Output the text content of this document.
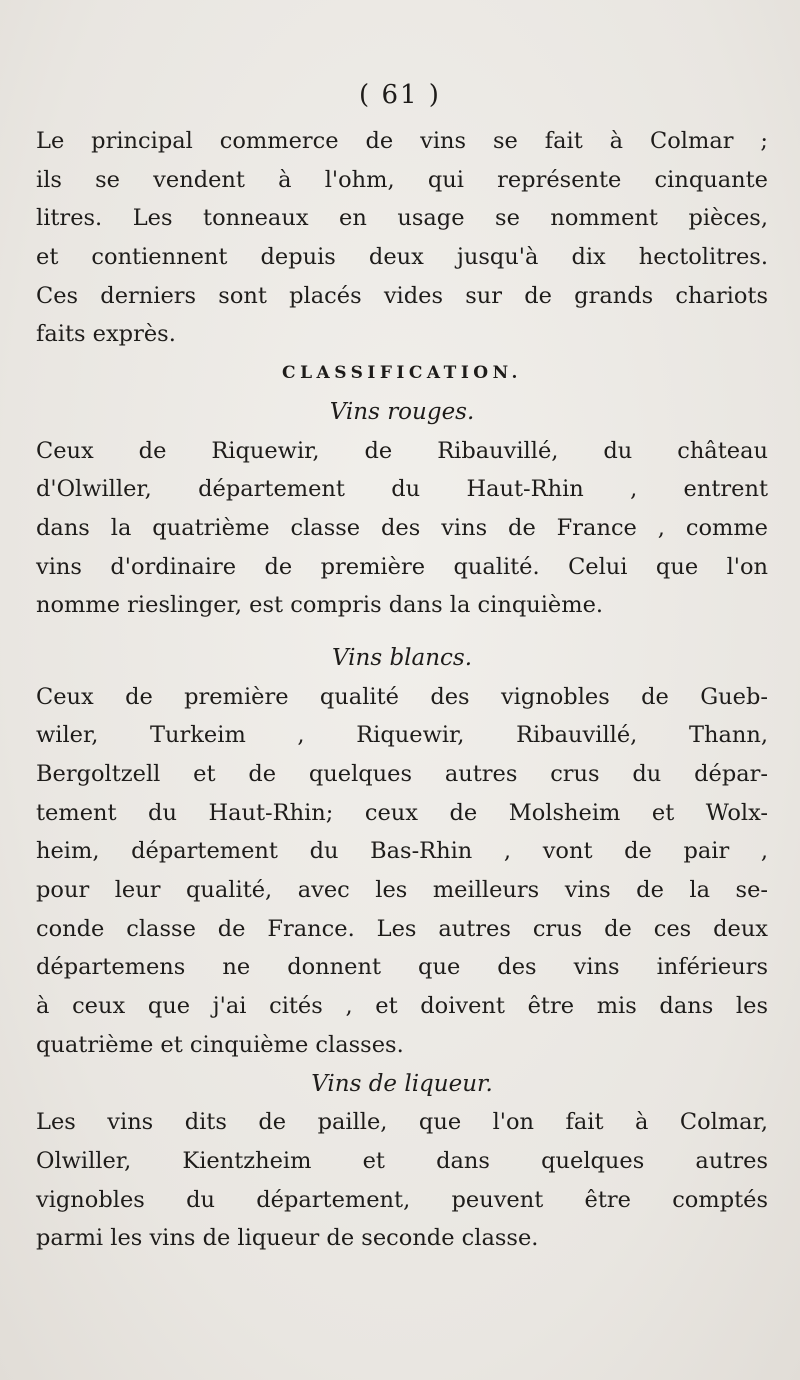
( 61 )
Le principal commerce de vins se fait à Colmar ;
ils se vendent à l'ohm, qui représente cinquante
litres. Les tonneaux en usage se nomment pièces,
et contiennent depuis deux jusqu'à dix hectolitres.
Ces derniers sont placés vides sur de grands chariots
faits exprès.
CLASSIFICATION.
Vins rouges.
Ceux de Riquewir, de Ribauvillé, du château
d'Olwiller, département du Haut-Rhin , entrent
dans la quatrième classe des vins de France , comme
vins d'ordinaire de première qualité. Celui que l'on
nomme rieslinger, est compris dans la cinquième.
Vins blancs.
Ceux de première qualité des vignobles de Gueb-
wiler, Turkeim , Riquewir, Ribauvillé, Thann,
Bergoltzell et de quelques autres crus du dépar-
tement du Haut-Rhin; ceux de Molsheim et Wolx-
heim, département du Bas-Rhin , vont de pair ,
pour leur qualité, avec les meilleurs vins de la se-
conde classe de France. Les autres crus de ces deux
départemens ne donnent que des vins inférieurs
à ceux que j'ai cités , et doivent être mis dans les
quatrième et cinquième classes.
Vins de liqueur.
Les vins dits de paille, que l'on fait à Colmar,
Olwiller, Kientzheim et dans quelques autres
vignobles du département, peuvent être comptés
parmi les vins de liqueur de seconde classe.
